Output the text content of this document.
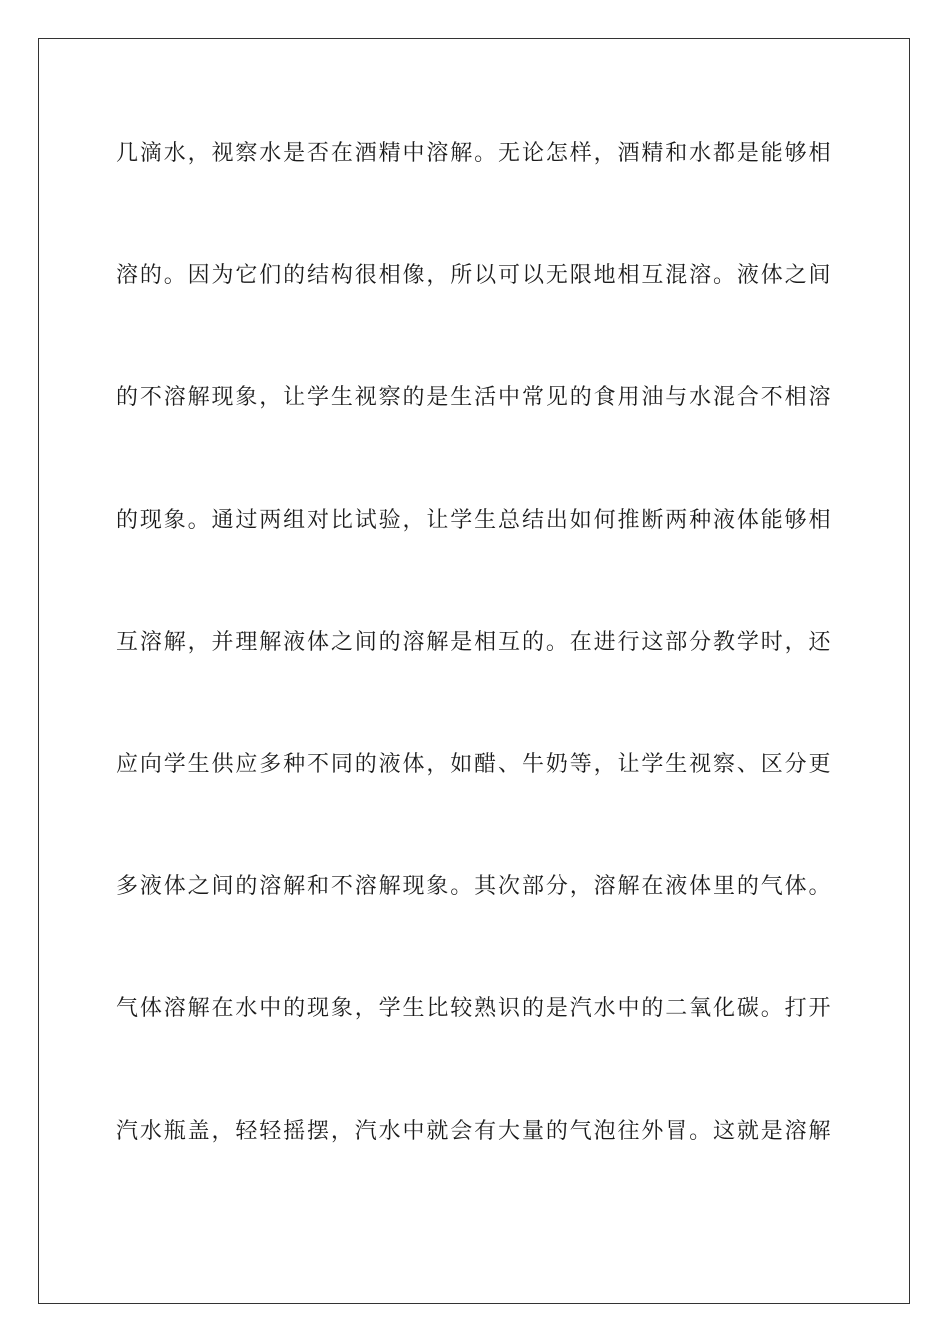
几滴水，视察水是否在酒精中溶解。无论怎样，酒精和水都是能够相
溶的。因为它们的结构很相像，所以可以无限地相互混溶。液体之间
的不溶解现象，让学生视察的是生活中常见的食用油与水混合不相溶
的现象。通过两组对比试验，让学生总结出如何推断两种液体能够相
互溶解，并理解液体之间的溶解是相互的。在进行这部分教学时，还
应向学生供应多种不同的液体，如醋、牛奶等，让学生视察、区分更
多液体之间的溶解和不溶解现象。其次部分，溶解在液体里的气体。
气体溶解在水中的现象，学生比较熟识的是汽水中的二氧化碳。打开
汽水瓶盖，轻轻摇摆，汽水中就会有大量的气泡往外冒。这就是溶解
